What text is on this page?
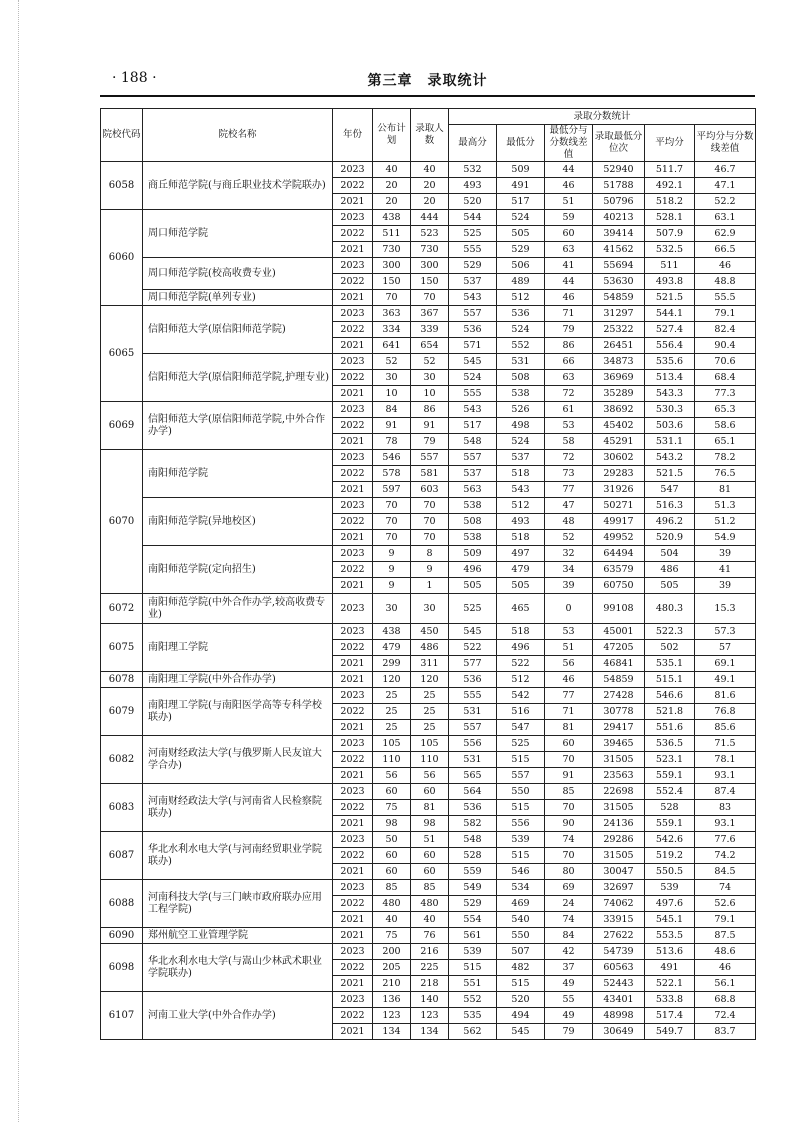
· 188 ·	第三章　录取统计
院校代码	院校名称	年份	公布计划	录取人数	录取分数统计					
					最高分	最低分	最低分与分数线差值	录取最低分位次	平均分	平均分与分数线差值
6058	商丘师范学院(与商丘职业技术学院联办)	2023	40	40	532	509	44	52940	511.7	46.7
		2022	20	20	493	491	46	51788	492.1	47.1
		2021	20	20	520	517	51	50796	518.2	52.2
6060	周口师范学院	2023	438	444	544	524	59	40213	528.1	63.1
		2022	511	523	525	505	60	39414	507.9	62.9
		2021	730	730	555	529	63	41562	532.5	66.5
	周口师范学院(校高收费专业)	2023	300	300	529	506	41	55694	511	46
		2022	150	150	537	489	44	53630	493.8	48.8
	周口师范学院(单列专业)	2021	70	70	543	512	46	54859	521.5	55.5
6065	信阳师范大学(原信阳师范学院)	2023	363	367	557	536	71	31297	544.1	79.1
		2022	334	339	536	524	79	25322	527.4	82.4
		2021	641	654	571	552	86	26451	556.4	90.4
	信阳师范大学(原信阳师范学院,护理专业)	2023	52	52	545	531	66	34873	535.6	70.6
		2022	30	30	524	508	63	36969	513.4	68.4
		2021	10	10	555	538	72	35289	543.3	77.3
6069	信阳师范大学(原信阳师范学院,中外合作办学)	2023	84	86	543	526	61	38692	530.3	65.3
		2022	91	91	517	498	53	45402	503.6	58.6
		2021	78	79	548	524	58	45291	531.1	65.1
6070	南阳师范学院	2023	546	557	557	537	72	30602	543.2	78.2
		2022	578	581	537	518	73	29283	521.5	76.5
		2021	597	603	563	543	77	31926	547	81
	南阳师范学院(异地校区)	2023	70	70	538	512	47	50271	516.3	51.3
		2022	70	70	508	493	48	49917	496.2	51.2
		2021	70	70	538	518	52	49952	520.9	54.9
	南阳师范学院(定向招生)	2023	9	8	509	497	32	64494	504	39
		2022	9	9	496	479	34	63579	486	41
		2021	9	1	505	505	39	60750	505	39
6072	南阳师范学院(中外合作办学,较高收费专业)	2023	30	30	525	465	0	99108	480.3	15.3
6075	南阳理工学院	2023	438	450	545	518	53	45001	522.3	57.3
		2022	479	486	522	496	51	47205	502	57
		2021	299	311	577	522	56	46841	535.1	69.1
6078	南阳理工学院(中外合作办学)	2021	120	120	536	512	46	54859	515.1	49.1
6079	南阳理工学院(与南阳医学高等专科学校联办)	2023	25	25	555	542	77	27428	546.6	81.6
		2022	25	25	531	516	71	30778	521.8	76.8
		2021	25	25	557	547	81	29417	551.6	85.6
6082	河南财经政法大学(与俄罗斯人民友谊大学合办)	2023	105	105	556	525	60	39465	536.5	71.5
		2022	110	110	531	515	70	31505	523.1	78.1
		2021	56	56	565	557	91	23563	559.1	93.1
6083	河南财经政法大学(与河南省人民检察院联办)	2023	60	60	564	550	85	22698	552.4	87.4
		2022	75	81	536	515	70	31505	528	83
		2021	98	98	582	556	90	24136	559.1	93.1
6087	华北水利水电大学(与河南经贸职业学院联办)	2023	50	51	548	539	74	29286	542.6	77.6
		2022	60	60	528	515	70	31505	519.2	74.2
		2021	60	60	559	546	80	30047	550.5	84.5
6088	河南科技大学(与三门峡市政府联办应用工程学院)	2023	85	85	549	534	69	32697	539	74
		2022	480	480	529	469	24	74062	497.6	52.6
		2021	40	40	554	540	74	33915	545.1	79.1
6090	郑州航空工业管理学院	2021	75	76	561	550	84	27622	553.5	87.5
6098	华北水利水电大学(与嵩山少林武术职业学院联办)	2023	200	216	539	507	42	54739	513.6	48.6
		2022	205	225	515	482	37	60563	491	46
		2021	210	218	551	515	49	52443	522.1	56.1
6107	河南工业大学(中外合作办学)	2023	136	140	552	520	55	43401	533.8	68.8
		2022	123	123	535	494	49	48998	517.4	72.4
		2021	134	134	562	545	79	30649	549.7	83.7
